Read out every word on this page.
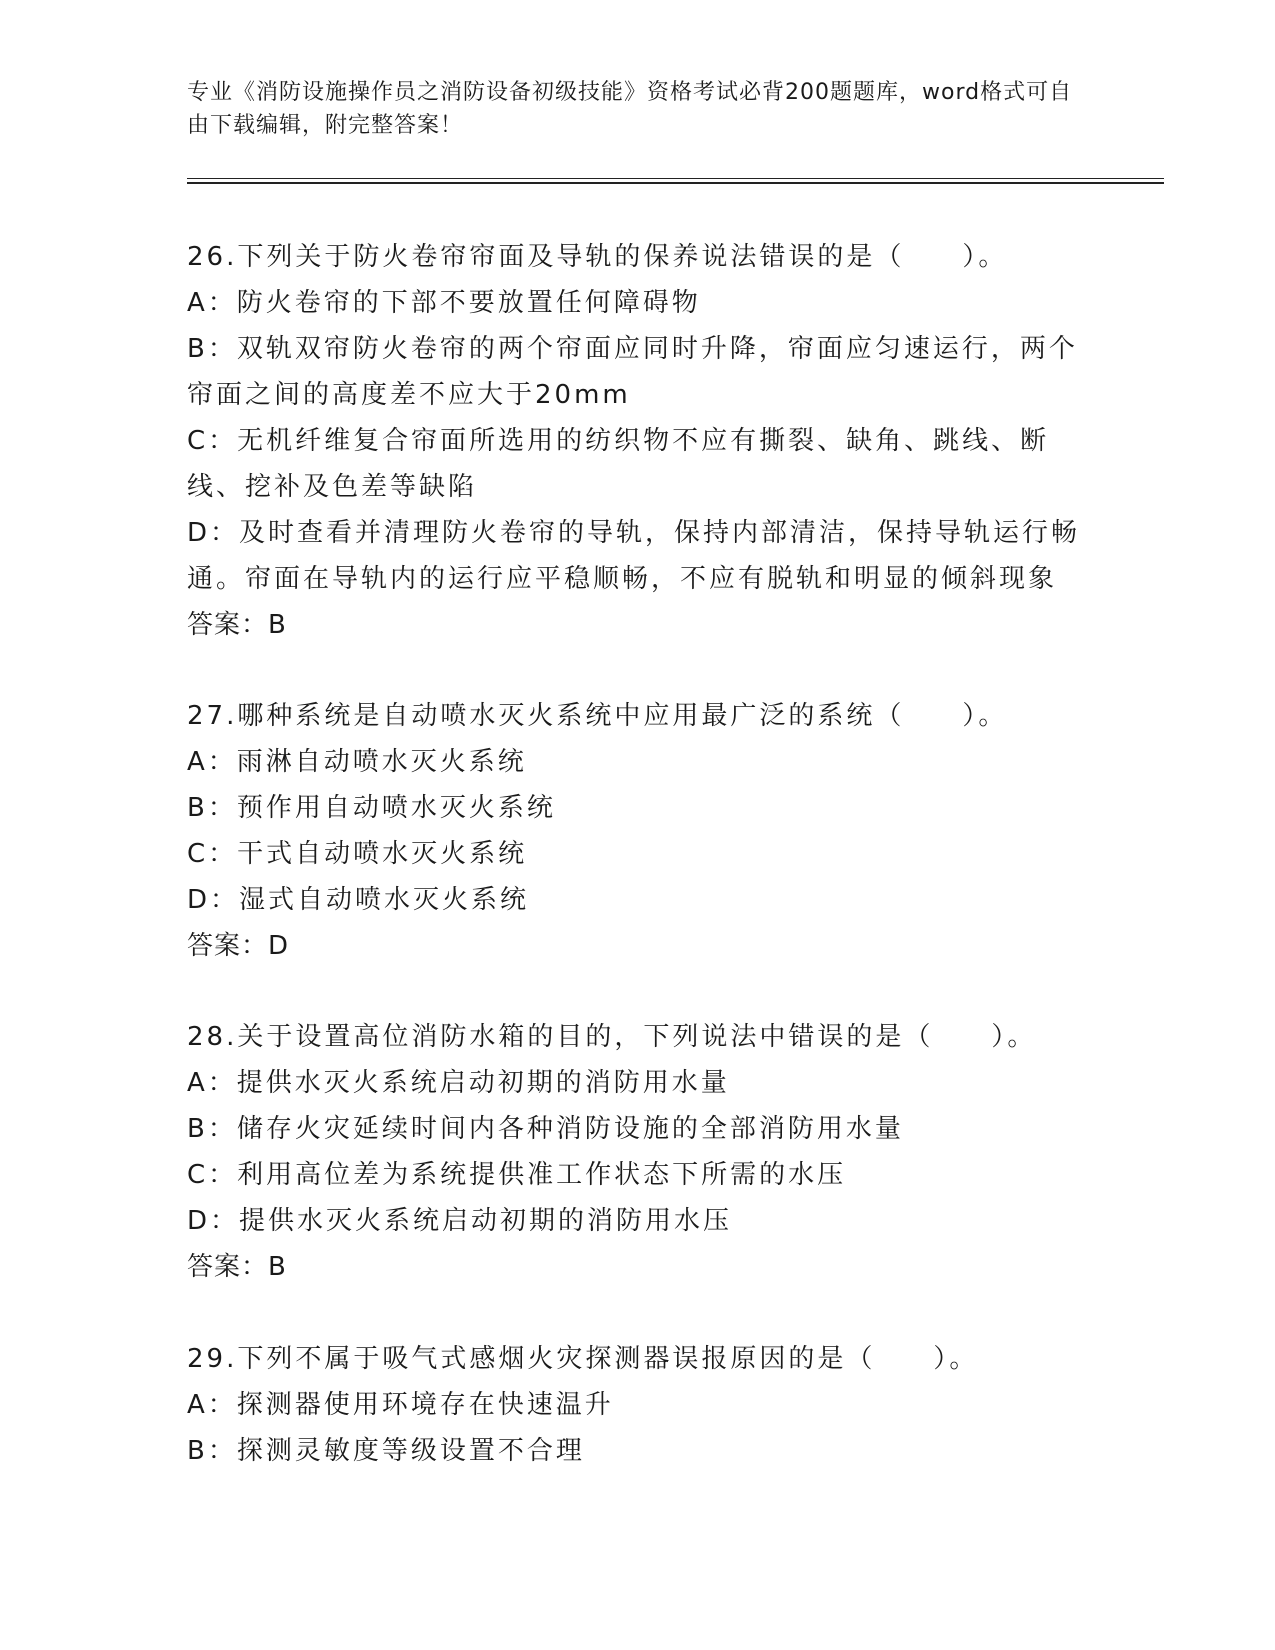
专业《消防设施操作员之消防设备初级技能》资格考试必背200题题库，word格式可自由下载编辑，附完整答案！
26.下列关于防火卷帘帘面及导轨的保养说法错误的是（　　）。
A：防火卷帘的下部不要放置任何障碍物
B：双轨双帘防火卷帘的两个帘面应同时升降，帘面应匀速运行，两个帘面之间的高度差不应大于20mm
C：无机纤维复合帘面所选用的纺织物不应有撕裂、缺角、跳线、断线、挖补及色差等缺陷
D：及时查看并清理防火卷帘的导轨，保持内部清洁，保持导轨运行畅通。帘面在导轨内的运行应平稳顺畅，不应有脱轨和明显的倾斜现象
答案：B
27.哪种系统是自动喷水灭火系统中应用最广泛的系统（　　）。
A：雨淋自动喷水灭火系统
B：预作用自动喷水灭火系统
C：干式自动喷水灭火系统
D：湿式自动喷水灭火系统
答案：D
28.关于设置高位消防水箱的目的，下列说法中错误的是（　　）。
A：提供水灭火系统启动初期的消防用水量
B：储存火灾延续时间内各种消防设施的全部消防用水量
C：利用高位差为系统提供准工作状态下所需的水压
D：提供水灭火系统启动初期的消防用水压
答案：B
29.下列不属于吸气式感烟火灾探测器误报原因的是（　　）。
A：探测器使用环境存在快速温升
B：探测灵敏度等级设置不合理
